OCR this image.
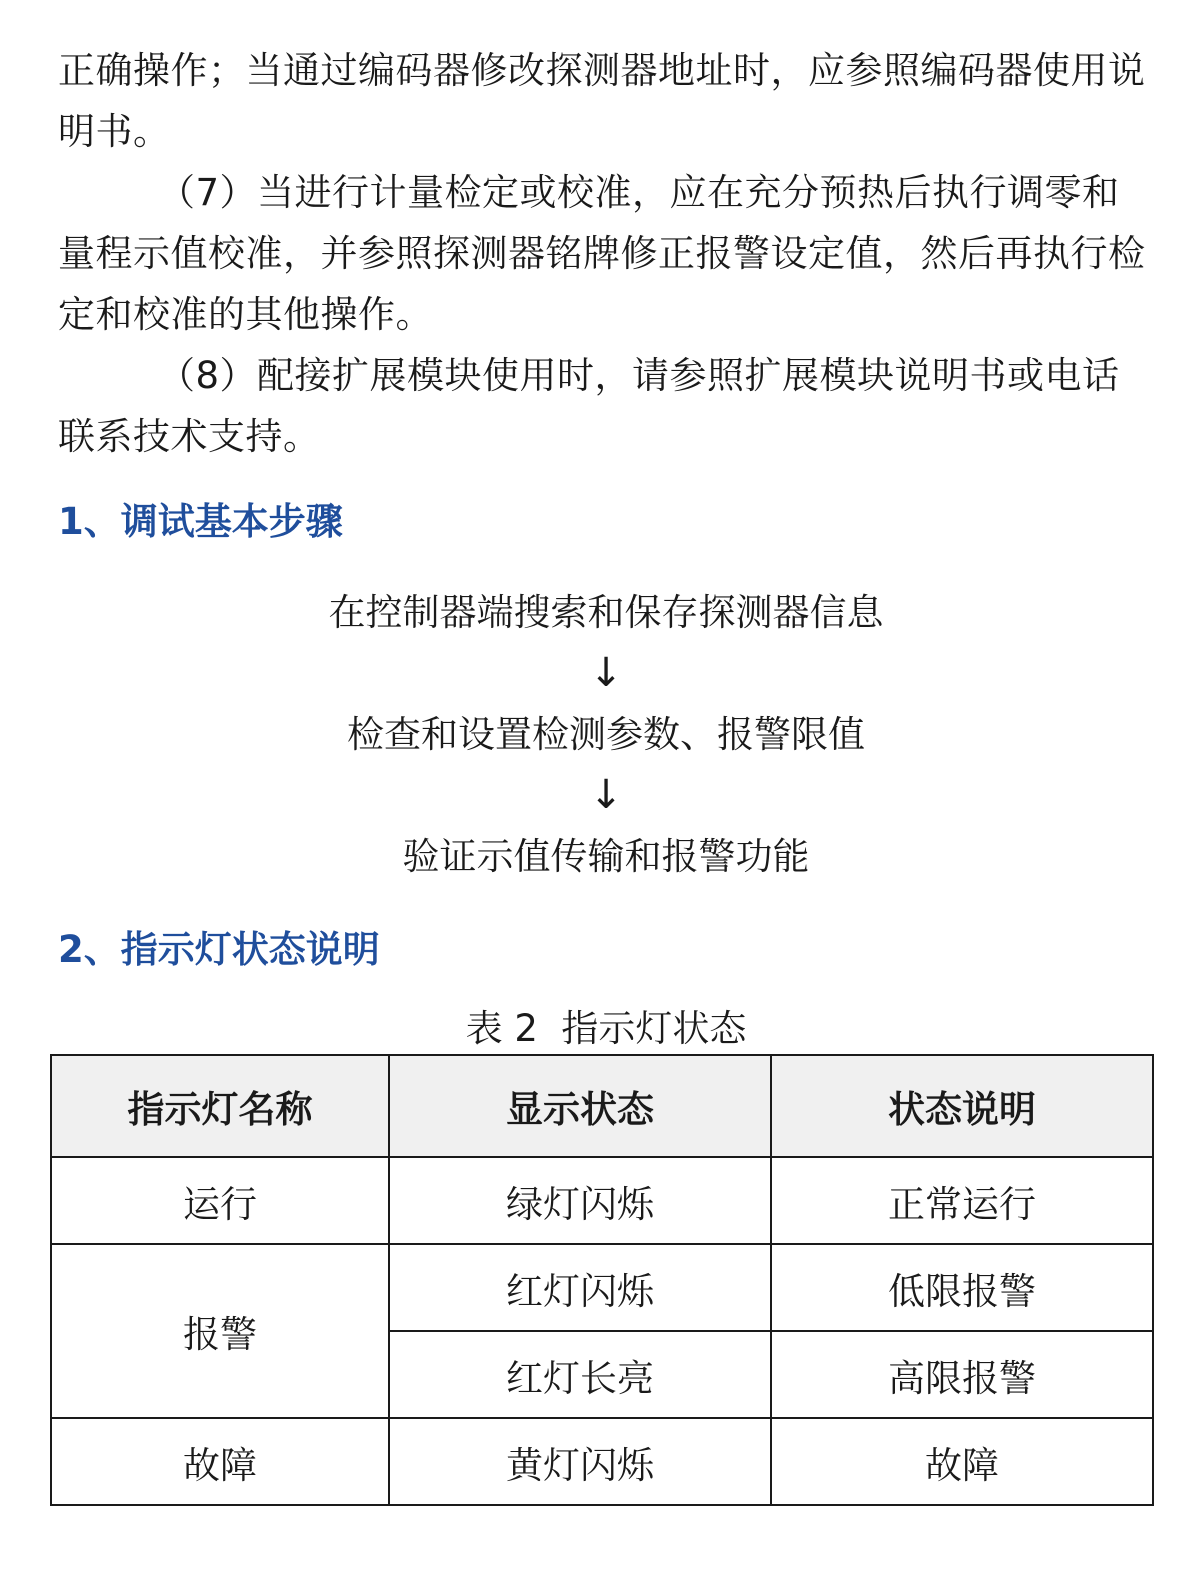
正确操作；当通过编码器修改探测器地址时，应参照编码器使用说明书。

（7）当进行计量检定或校准，应在充分预热后执行调零和量程示值校准，并参照探测器铭牌修正报警设定值，然后再执行检定和校准的其他操作。

（8）配接扩展模块使用时，请参照扩展模块说明书或电话联系技术支持。

1、调试基本步骤
在控制器端搜索和保存探测器信息
↓
检查和设置检测参数、报警限值
↓
验证示值传输和报警功能
2、指示灯状态说明
表 2  指示灯状态
指示灯名称	显示状态	状态说明
运行	绿灯闪烁	正常运行
报警	红灯闪烁	低限报警
	红灯长亮	高限报警
故障	黄灯闪烁	故障
